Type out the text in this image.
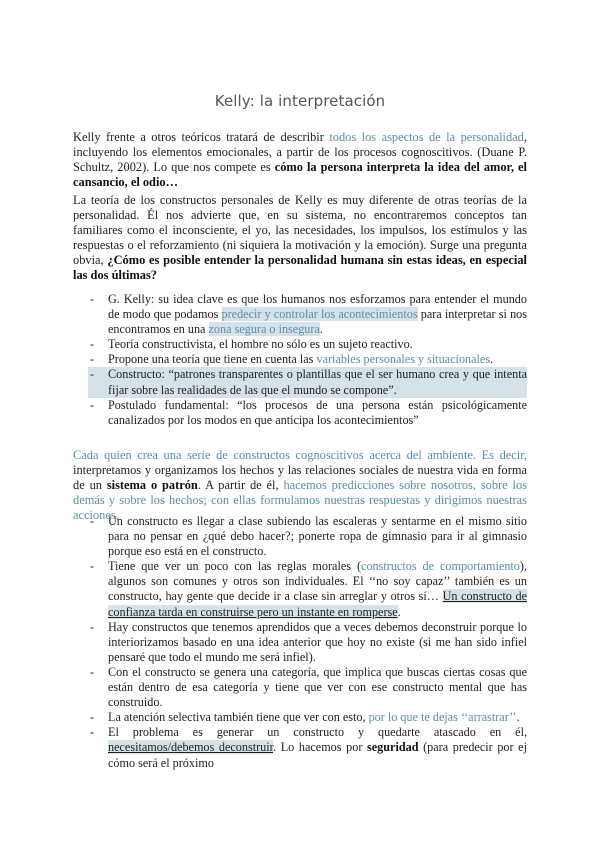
Kelly: la interpretación
Kelly frente a otros teóricos tratará de describir todos los aspectos de la personalidad, incluyendo los elementos emocionales, a partir de los procesos cognoscitivos. (Duane P. Schultz, 2002). Lo que nos compete es cómo la persona interpreta la idea del amor, el cansancio, el odio…
La teoría de los constructos personales de Kelly es muy diferente de otras teorías de la personalidad. Él nos advierte que, en su sistema, no encontraremos conceptos tan familiares como el inconsciente, el yo, las necesidades, los impulsos, los estímulos y las respuestas o el reforzamiento (ni siquiera la motivación y la emoción). Surge una pregunta obvia, ¿Cómo es posible entender la personalidad humana sin estas ideas, en especial las dos últimas?
- G. Kelly: su idea clave es que los humanos nos esforzamos para entender el mundo de modo que podamos predecir y controlar los acontecimientos para interpretar si nos encontramos en una zona segura o insegura.
- Teoría constructivista, el hombre no sólo es un sujeto reactivo.
- Propone una teoría que tiene en cuenta las variables personales y situacionales.
- Constructo: “patrones transparentes o plantillas que el ser humano crea y que intenta fijar sobre las realidades de las que el mundo se compone”.
- Postulado fundamental: “los procesos de una persona están psicológicamente canalizados por los modos en que anticipa los acontecimientos”
Cada quien crea una serie de constructos cognoscitivos acerca del ambiente. Es decir, interpretamos y organizamos los hechos y las relaciones sociales de nuestra vida en forma de un sistema o patrón. A partir de él, hacemos predicciones sobre nosotros, sobre los demás y sobre los hechos; con ellas formulamos nuestras respuestas y dirigimos nuestras acciones.
- Un constructo es llegar a clase subiendo las escaleras y sentarme en el mismo sitio para no pensar en ¿qué debo hacer?; ponerte ropa de gimnasio para ir al gimnasio porque eso está en el constructo.
- Tiene que ver un poco con las reglas morales (constructos de comportamiento), algunos son comunes y otros son individuales. El ‘‘no soy capaz’’ también es un constructo, hay gente que decide ir a clase sin arreglar y otros sí… Un constructo de confianza tarda en construirse pero un instante en romperse.
- Hay constructos que tenemos aprendidos que a veces debemos deconstruir porque lo interiorizamos basado en una idea anterior que hoy no existe (si me han sido infiel pensaré que todo el mundo me será infiel).
- Con el constructo se genera una categoría, que implica que buscas ciertas cosas que están dentro de esa categoría y tiene que ver con ese constructo mental que has construido.
- La atención selectiva también tiene que ver con esto, por lo que te dejas ‘‘arrastrar’’.
- El problema es generar un constructo y quedarte atascado en él, necesitamos/debemos deconstruir. Lo hacemos por seguridad (para predecir por ej cómo será el próximo
